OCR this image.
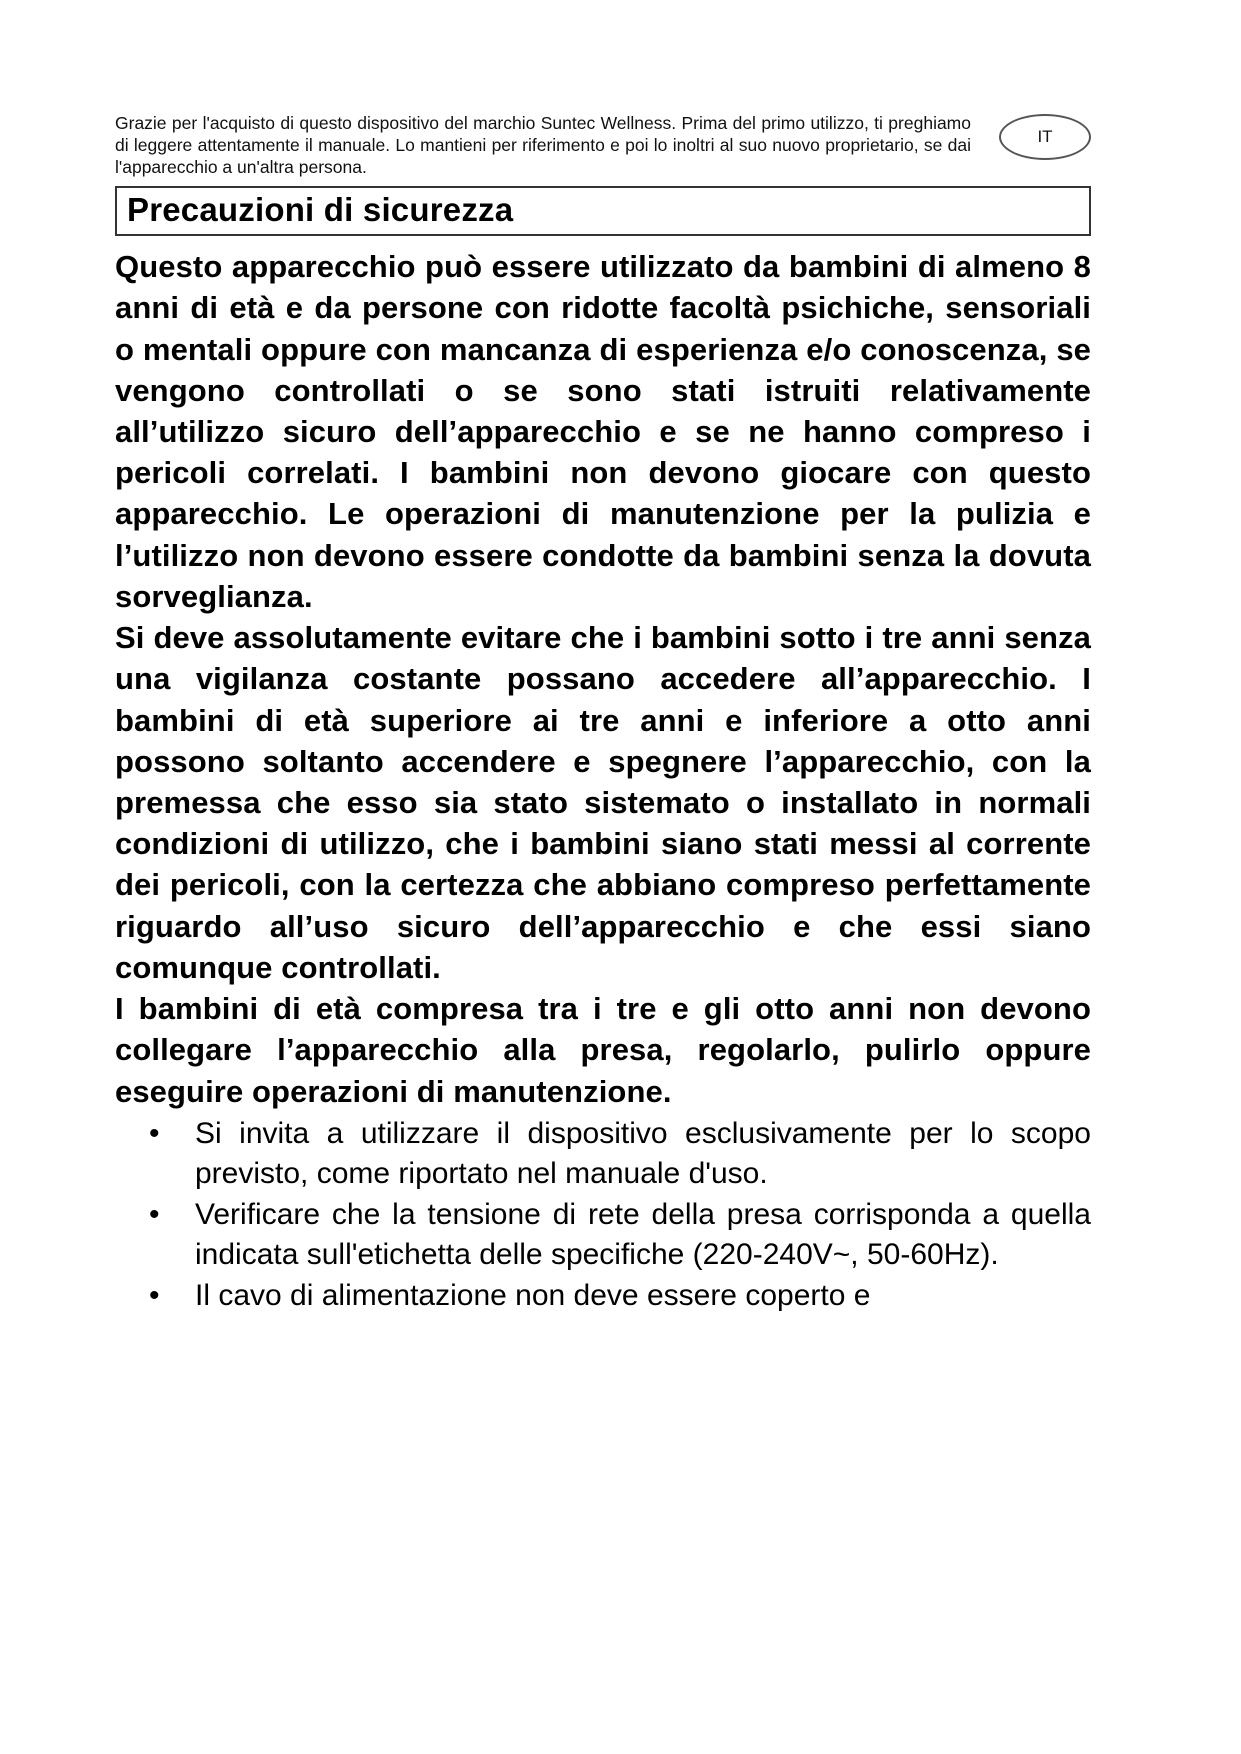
Grazie per l'acquisto di questo dispositivo del marchio Suntec Wellness. Prima del primo utilizzo, ti preghiamo di leggere attentamente il manuale. Lo mantieni per riferimento e poi lo inoltri al suo nuovo proprietario, se dai l'apparecchio a un'altra persona.

IT
Precauzioni di sicurezza

Questo apparecchio può essere utilizzato da bambini di almeno 8 anni di età e da persone con ridotte facoltà psichiche, sensoriali o mentali oppure con mancanza di esperienza e/o conoscenza, se vengono controllati o se sono stati istruiti relativamente all’utilizzo sicuro dell’apparecchio e se ne hanno compreso i pericoli correlati. I bambini non devono giocare con questo apparecchio. Le operazioni di manutenzione per la pulizia e l’utilizzo non devono essere condotte da bambini senza la dovuta sorveglianza.

Si deve assolutamente evitare che i bambini sotto i tre anni senza una vigilanza costante possano accedere all’apparecchio. I bambini di età superiore ai tre anni e inferiore a otto anni possono soltanto accendere e spegnere l’apparecchio, con la premessa che esso sia stato sistemato o installato in normali condizioni di utilizzo, che i bambini siano stati messi al corrente dei pericoli, con la certezza che abbiano compreso perfettamente riguardo all’uso sicuro dell’apparecchio e che essi siano comunque controllati.

I bambini di età compresa tra i tre e gli otto anni non devono collegare l’apparecchio alla presa, regolarlo, pulirlo oppure eseguire operazioni di manutenzione.

• Si invita a utilizzare il dispositivo esclusivamente per lo scopo previsto, come riportato nel manuale d'uso.
• Verificare che la tensione di rete della presa corrisponda a quella indicata sull'etichetta delle specifiche (220-240V~, 50-60Hz).
• Il cavo di alimentazione non deve essere coperto e
